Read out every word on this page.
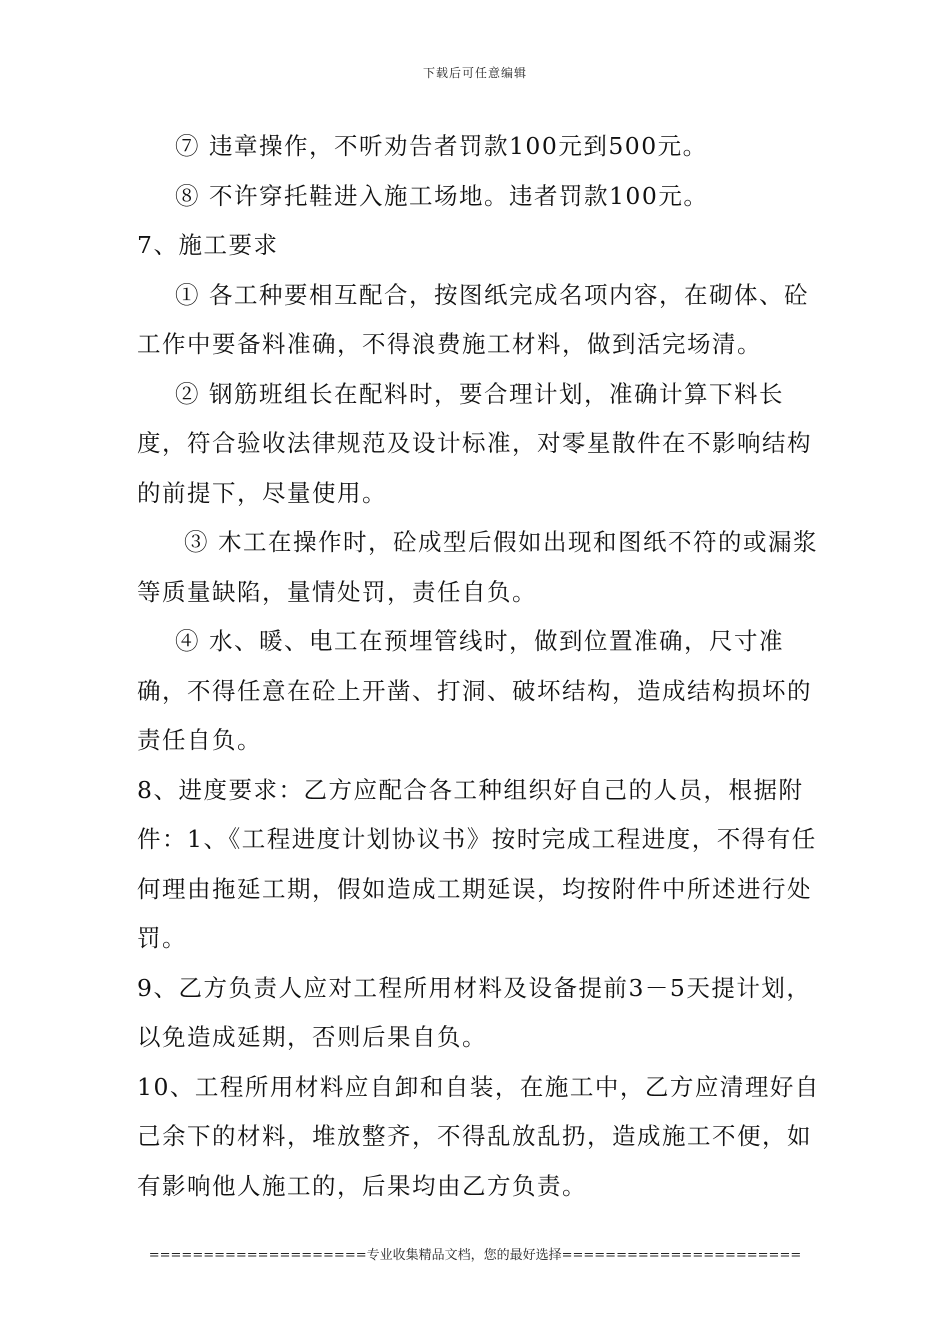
下载后可任意编辑

⑦ 违章操作，不听劝告者罚款100元到500元。

⑧ 不许穿托鞋进入施工场地。违者罚款100元。

7、施工要求

① 各工种要相互配合，按图纸完成名项内容，在砌体、砼工作中要备料准确，不得浪费施工材料，做到活完场清。

② 钢筋班组长在配料时，要合理计划，准确计算下料长度，符合验收法律规范及设计标准，对零星散件在不影响结构的前提下，尽量使用。

③ 木工在操作时，砼成型后假如出现和图纸不符的或漏浆等质量缺陷，量情处罚，责任自负。

④ 水、暖、电工在预埋管线时，做到位置准确，尺寸准确，不得任意在砼上开凿、打洞、破坏结构，造成结构损坏的责任自负。

8、进度要求：乙方应配合各工种组织好自己的人员，根据附件：1、《工程进度计划协议书》按时完成工程进度，不得有任何理由拖延工期，假如造成工期延误，均按附件中所述进行处罚。

9、乙方负责人应对工程所用材料及设备提前3－5天提计划，以免造成延期，否则后果自负。

10、工程所用材料应自卸和自装，在施工中，乙方应清理好自己余下的材料，堆放整齐，不得乱放乱扔，造成施工不便，如有影响他人施工的，后果均由乙方负责。

====================专业收集精品文档，您的最好选择======================
